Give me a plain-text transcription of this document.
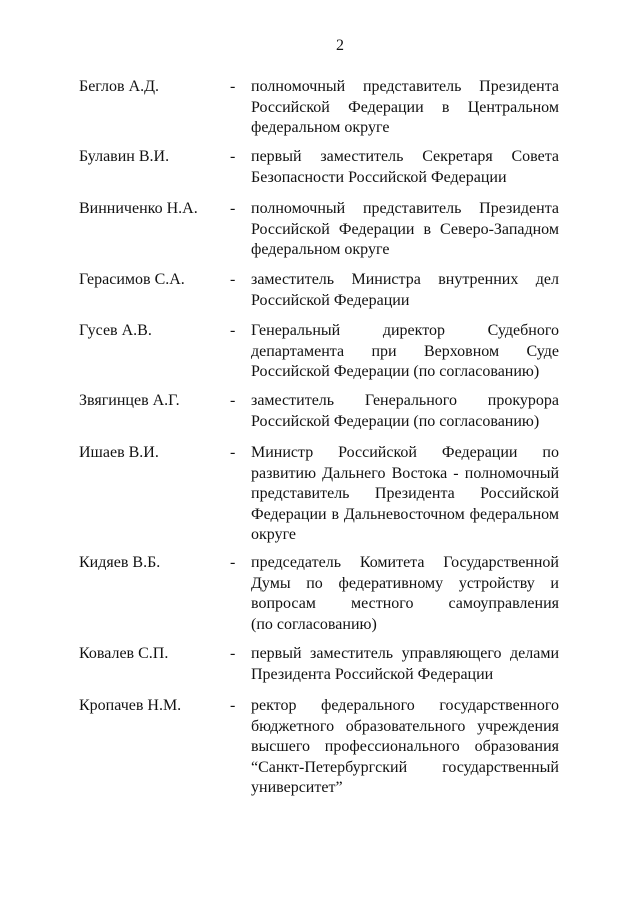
2
Беглов А.Д.	- полномочный представитель Президента
Российской Федерации в Центральном
федеральном округе
Булавин В.И.	- первый заместитель Секретаря Совета
Безопасности Российской Федерации
Винниченко Н.А. - полномочный представитель Президента
Российской Федерации в Северо-Западном
федеральном округе
Герасимов С.А.	- заместитель Министра внутренних дел
Российской Федерации
Гусев А.В.	- Генеральный директор Судебного
департамента при Верховном Суде
Российской Федерации (по согласованию)
Звягинцев А.Г.	- заместитель Генерального прокурора
Российской Федерации (по согласованию)
Ишаев В.И.	- Министр Российской Федерации по
развитию Дальнего Востока - полномочный
представитель Президента Российской
Федерации в Дальневосточном федеральном
округе
Кидяев В.Б.	- председатель Комитета Государственной
Думы по федеративному устройству и
вопросам местного самоуправления
(по согласованию)
Ковалев С.П.	- первый заместитель управляющего делами
Президента Российской Федерации
Кропачев Н.М.	- ректор федерального государственного
бюджетного образовательного учреждения
высшего профессионального образования
“Санкт-Петербургский государственный
университет”
